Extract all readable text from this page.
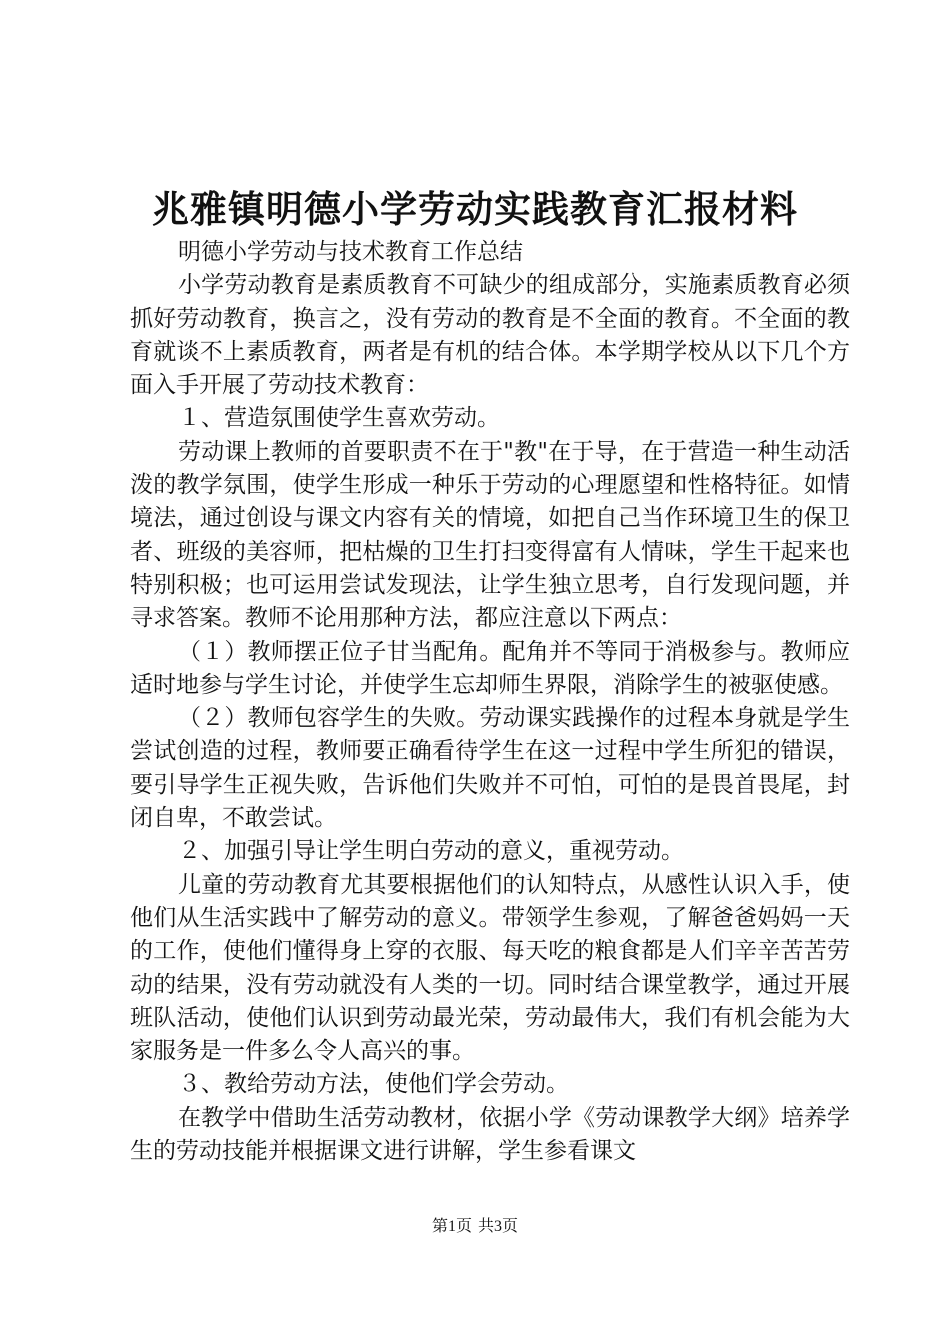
兆雅镇明德小学劳动实践教育汇报材料

明德小学劳动与技术教育工作总结

小学劳动教育是素质教育不可缺少的组成部分，实施素质教育必须抓好劳动教育，换言之，没有劳动的教育是不全面的教育。不全面的教育就谈不上素质教育，两者是有机的结合体。本学期学校从以下几个方面入手开展了劳动技术教育：

１、营造氛围使学生喜欢劳动。

劳动课上教师的首要职责不在于"教"在于导，在于营造一种生动活泼的教学氛围，使学生形成一种乐于劳动的心理愿望和性格特征。如情境法，通过创设与课文内容有关的情境，如把自己当作环境卫生的保卫者、班级的美容师，把枯燥的卫生打扫变得富有人情味，学生干起来也特别积极；也可运用尝试发现法，让学生独立思考，自行发现问题，并寻求答案。教师不论用那种方法，都应注意以下两点：

（１）教师摆正位子甘当配角。配角并不等同于消极参与。教师应适时地参与学生讨论，并使学生忘却师生界限，消除学生的被驱使感。

（２）教师包容学生的失败。劳动课实践操作的过程本身就是学生尝试创造的过程，教师要正确看待学生在这一过程中学生所犯的错误，要引导学生正视失败，告诉他们失败并不可怕，可怕的是畏首畏尾，封闭自卑，不敢尝试。

２、加强引导让学生明白劳动的意义，重视劳动。

儿童的劳动教育尤其要根据他们的认知特点，从感性认识入手，使他们从生活实践中了解劳动的意义。带领学生参观，了解爸爸妈妈一天的工作，使他们懂得身上穿的衣服、每天吃的粮食都是人们辛辛苦苦劳动的结果，没有劳动就没有人类的一切。同时结合课堂教学，通过开展班队活动，使他们认识到劳动最光荣，劳动最伟大，我们有机会能为大家服务是一件多么令人高兴的事。

３、教给劳动方法，使他们学会劳动。

在教学中借助生活劳动教材，依据小学《劳动课教学大纲》培养学生的劳动技能并根据课文进行讲解，学生参看课文

第1页 共3页
